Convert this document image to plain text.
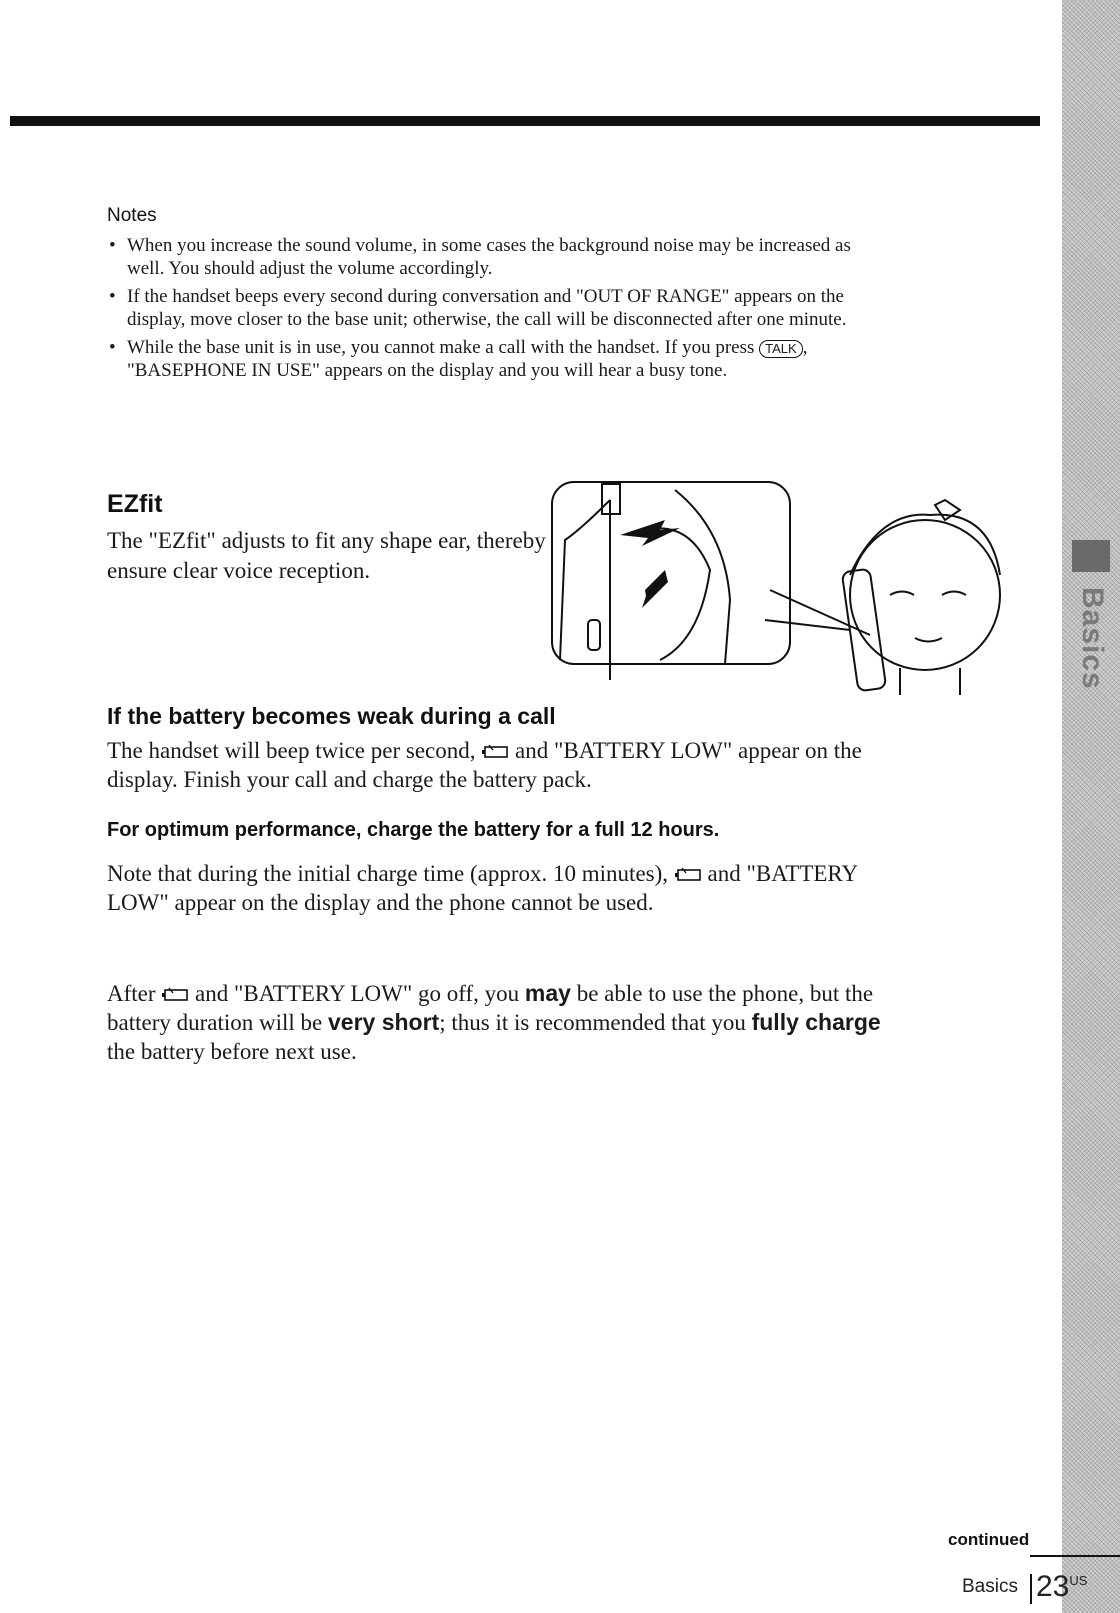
Basics
Notes
• When you increase the sound volume, in some cases the background noise may be increased as well. You should adjust the volume accordingly.
• If the handset beeps every second during conversation and "OUT OF RANGE" appears on the display, move closer to the base unit; otherwise, the call will be disconnected after one minute.
• While the base unit is in use, you cannot make a call with the handset. If you press TALK , "BASEPHONE IN USE" appears on the display and you will hear a busy tone.
EZfit
The "EZfit" adjusts to fit any shape ear, thereby ensure clear voice reception.
If the battery becomes weak during a call

The handset will beep twice per second,  and "BATTERY LOW" appear on the display. Finish your call and charge the battery pack.

For optimum performance, charge the battery for a full 12 hours.

Note that during the initial charge time (approx. 10 minutes),  and "BATTERY LOW" appear on the display and the phone cannot be used.

After  and "BATTERY LOW" go off, you may be able to use the phone, but the battery duration will be very short; thus it is recommended that you fully charge the battery before next use.

continued
Basics $23^{US}$
